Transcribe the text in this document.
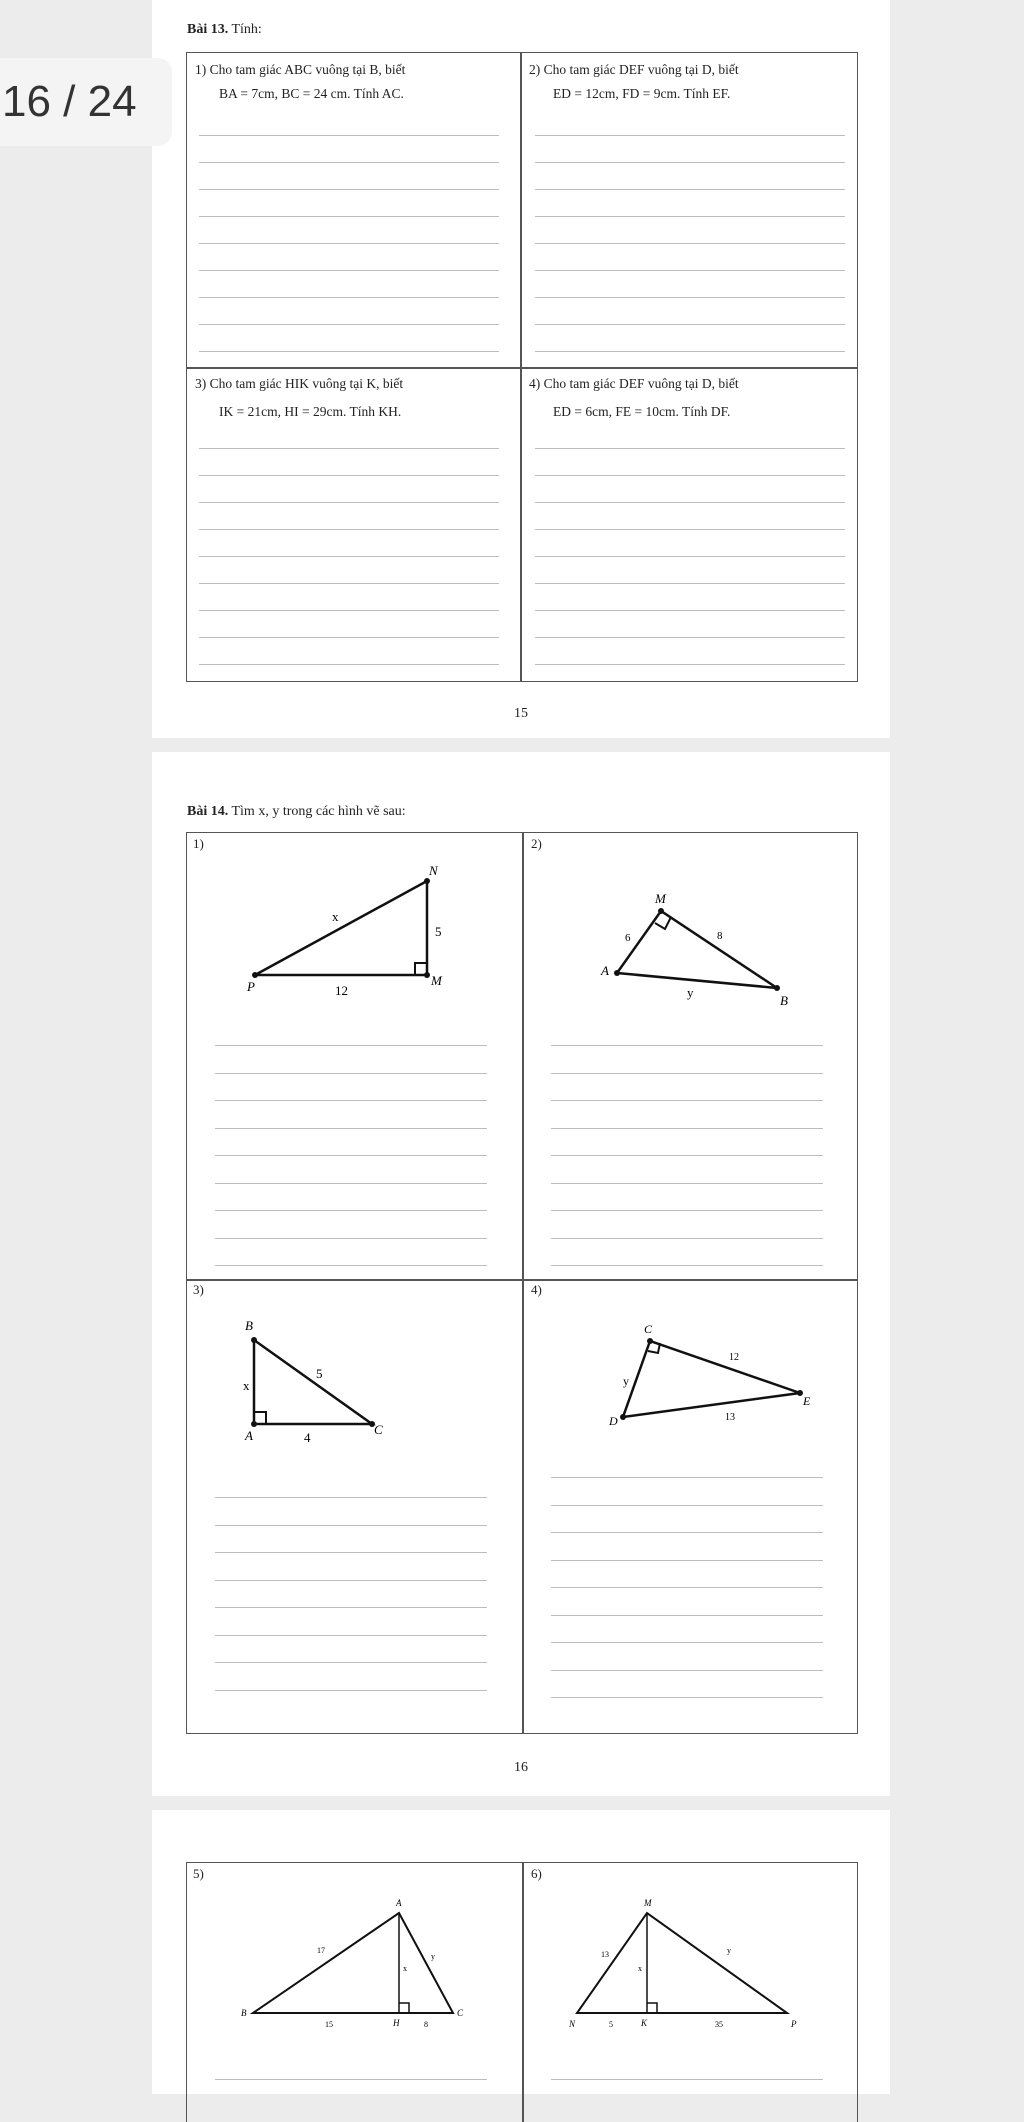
16 / 24
Bài 13. Tính:
1) Cho tam giác ABC vuông tại B, biết
BA = 7cm, BC = 24 cm. Tính AC.
2) Cho tam giác DEF vuông tại D, biết
ED = 12cm, FD = 9cm. Tính EF.
3) Cho tam giác HIK vuông tại K, biết
IK = 21cm, HI = 29cm. Tính KH.
4) Cho tam giác DEF vuông tại D, biết
ED = 6cm, FE = 10cm. Tính DF.
15
Bài 14. Tìm x, y trong các hình vẽ sau:
1)	2)
3)	4)
N
P	M
x
5
12
M
A
B
6	8
y
B
A	C
x
5
4
C
D
E
y
12
13
16
5)	6)
A
B
H
C
17
x
y
15	8
M
N	K	P
13
x
y
5	35
